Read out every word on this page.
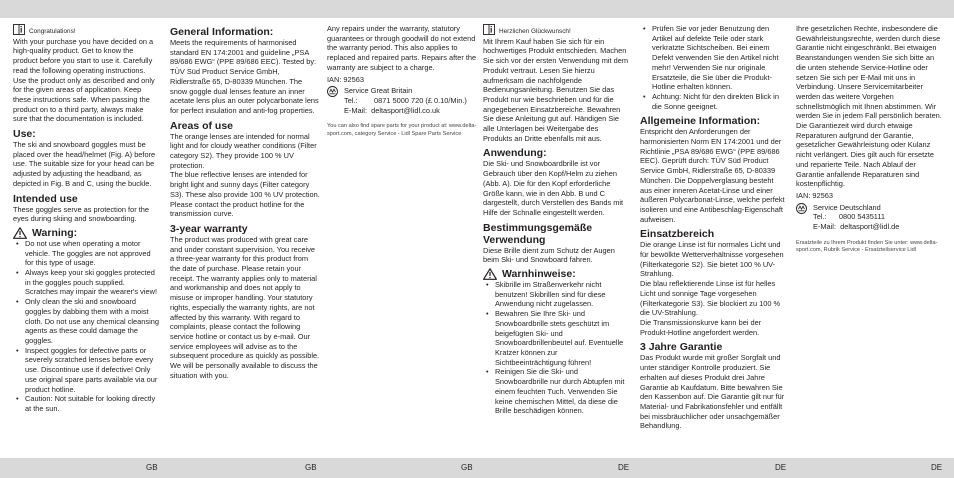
Congratulations!

With your purchase you have decided on a high-quality product. Get to know the product before you start to use it. Carefully read the following operating instructions. Use the product only as described and only for the given areas of application. Keep these instructions safe. When passing the product on to a third party, always make sure that the documentation is included.

Use:

The ski and snowboard goggles must be placed over the head/helmet (Fig. A) before use. The suitable size for your head can be adjusted by adjusting the headband, as depicted in Fig. B and C, using the buckle.

Intended use

These goggles serve as protection for the eyes during skiing and snowboarding.

Warning:
• Do not use when operating a motor vehicle. The goggles are not approved for this type of usage.
• Always keep your ski goggles protected in the goggles pouch supplied. Scratches may impair the wearer's view!
• Only clean the ski and snowboard goggles by dabbing them with a moist cloth. Do not use any chemical cleansing agents as these could damage the goggles.
• Inspect goggles for defective parts or severely scratched lenses before every use. Discontinue use if defective! Only use original spare parts available via our product hotline.
• Caution: Not suitable for looking directly at the sun.

General Information:

Meets the requirements of harmonised standard EN 174:2001 and guideline „PSA 89/686 EWG“ (PPE 89/686 EEC). Tested by: TÜV Süd Product Service GmbH, Ridlerstraße 65, D-80339 München. The snow goggle dual lenses feature an inner acetate lens plus an outer polycarbonate lens for perfect insulation and anti-fog properties.

Areas of use

The orange lenses are intended for normal light and for cloudy weather conditions (Filter category S2). They provide 100 % UV protection.

The blue reflective lenses are intended for bright light and sunny days (Filter category S3). These also provide 100 % UV protection.

Please contact the product hotline for the transmission curve.

3-year warranty

The product was produced with great care and under constant supervision. You receive a three-year warranty for this product from the date of purchase. Please retain your receipt. The warranty applies only to material and workmanship and does not apply to misuse or improper handling. Your statutory rights, especially the warranty rights, are not affected by this warranty. With regard to complaints, please contact the following service hotline or contact us by e-mail. Our service employees will advise as to the subsequent procedure as quickly as possible. We will be personally available to discuss the situation with you.

Any repairs under the warranty, statutory guarantees or through goodwill do not extend the warranty period. This also applies to replaced and repaired parts. Repairs after the warranty are subject to a charge.

IAN: 92563

Service Great Britain
Tel.:        0871 5000 720 (£ 0.10/Min.)
E-Mail:  deltasport@lidl.co.uk

You can also find spare parts for your product at: www.delta-sport.com, category Service - Lidl Spare Parts Service

Herzlichen Glückwunsch!

Mit Ihrem Kauf haben Sie sich für ein hochwertiges Produkt entschieden. Machen Sie sich vor der ersten Verwendung mit dem Produkt vertraut. Lesen Sie hierzu aufmerksam die nachfolgende Bedienungsanleitung. Benutzen Sie das Produkt nur wie beschrieben und für die angegebenen Einsatzbereiche. Bewahren Sie diese Anleitung gut auf. Händigen Sie alle Unterlagen bei Weitergabe des Produkts an Dritte ebenfalls mit aus.

Anwendung:

Die Ski- und Snowboardbrille ist vor Gebrauch über den Kopf/Helm zu ziehen (Abb. A). Die für den Kopf erforderliche Größe kann, wie in den Abb. B und C dargestellt, durch Verstellen des Bands mit Hilfe der Schnalle eingestellt werden.

Bestimmungsgemäße Verwendung

Diese Brille dient zum Schutz der Augen beim Ski- und Snowboard fahren.

Warnhinweise:
• Skibrille im Straßenverkehr nicht benutzen! Skibrillen sind für diese Anwendung nicht zugelassen.
• Bewahren Sie Ihre Ski- und Snowboardbrille stets geschützt im beigefügten Ski- und Snowboardbrillenbeutel auf. Eventuelle Kratzer können zur Sichtbeeinträchtigung führen!
• Reinigen Sie die Ski- und Snowboardbrille nur durch Abtupfen mit einem feuchten Tuch. Verwenden Sie keine chemischen Mittel, da diese die Brille beschädigen können.
• Prüfen Sie vor jeder Benutzung den Artikel auf defekte Teile oder stark verkratzte Sichtscheiben. Bei einem Defekt verwenden Sie den Artikel nicht mehr! Verwenden Sie nur originale Ersatzteile, die Sie über die Produkt-Hotline erhalten können.
• Achtung: Nicht für den direkten Blick in die Sonne geeignet.

Allgemeine Information:

Entspricht den Anforderungen der harmonisierten Norm EN 174:2001 und der Richtlinie „PSA 89/686 EWG“ (PPE 89/686 EEC). Geprüft durch: TÜV Süd Product Service GmbH, Ridlerstraße 65, D-80339 München. Die Doppelverglasung besteht aus einer inneren Acetat-Linse und einer äußeren Polycarbonat-Linse, welche perfekt isolieren und eine Antibeschlag-Eigenschaft aufweisen.

Einsatzbereich

Die orange Linse ist für normales Licht und für bewölkte Wetterverhältnisse vorgesehen (Filterkategorie S2). Sie bietet 100 % UV-Strahlung.

Die blau reflektierende Linse ist für helles Licht und sonnige Tage vorgesehen (Filterkategorie S3). Sie blockiert zu 100 % die UV-Strahlung.

Die Transmissionskurve kann bei der Produkt-Hotline angefordert werden.

3 Jahre Garantie

Das Produkt wurde mit großer Sorgfalt und unter ständiger Kontrolle produziert. Sie erhalten auf dieses Produkt drei Jahre Garantie ab Kaufdatum. Bitte bewahren Sie den Kassenbon auf. Die Garantie gilt nur für Material- und Fabrikationsfehler und entfällt bei missbräuchlicher oder unsachgemäßer Behandlung.

Ihre gesetzlichen Rechte, insbesondere die Gewährleistungsrechte, werden durch diese Garantie nicht eingeschränkt. Bei etwaigen Beanstandungen wenden Sie sich bitte an die unten stehende Service-Hotline oder setzen Sie sich per E-Mail mit uns in Verbindung. Unsere Servicemitarbeiter werden das weitere Vorgehen schnellstmöglich mit Ihnen abstimmen. Wir werden Sie in jedem Fall persönlich beraten. Die Garantiezeit wird durch etwaige Reparaturen aufgrund der Garantie, gesetzlicher Gewährleistung oder Kulanz nicht verlängert. Dies gilt auch für ersetzte und reparierte Teile. Nach Ablauf der Garantie anfallende Reparaturen sind kostenpflichtig.

IAN: 92563

Service Deutschland
Tel.:      0800 5435111
E-Mail:  deltasport@lidl.de

Ersatzteile zu Ihrem Produkt finden Sie unter: www.delta-sport.com, Rubrik Service - Ersatzteilservice Lidl

GB	GB	GB	DE	DE	DE
